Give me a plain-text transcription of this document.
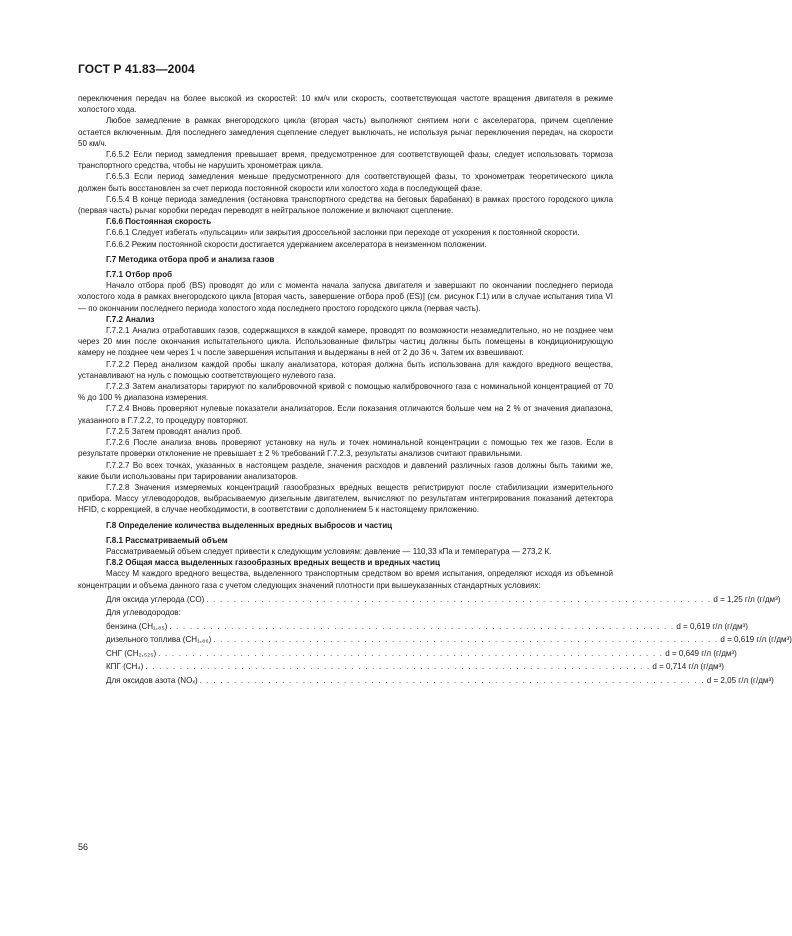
ГОСТ Р 41.83—2004

переключения передач на более высокой из скоростей: 10 км/ч или скорость, соответствующая частоте вращения двигателя в режиме холостого хода.

Любое замедление в рамках внегородского цикла (вторая часть) выполняют снятием ноги с акселератора, причем сцепление остается включенным. Для последнего замедления сцепление следует выключать, не используя рычаг переключения передач, на скорости 50 км/ч.

Г.6.5.2 Если период замедления превышает время, предусмотренное для соответствующей фазы, следует использовать тормоза транспортного средства, чтобы не нарушить хронометраж цикла.

Г.6.5.3 Если период замедления меньше предусмотренного для соответствующей фазы, то хронометраж теоретического цикла должен быть восстановлен за счет периода постоянной скорости или холостого хода в последующей фазе.

Г.6.5.4 В конце периода замедления (остановка транспортного средства на беговых барабанах) в рамках простого городского цикла (первая часть) рычаг коробки передач переводят в нейтральное положение и включают сцепление.

Г.6.6 Постоянная скорость

Г.6.6.1 Следует избегать «пульсации» или закрытия дроссельной заслонки при переходе от ускорения к постоянной скорости.

Г.6.6.2 Режим постоянной скорости достигается удержанием акселератора в неизменном положении.

Г.7 Методика отбора проб и анализа газов

Г.7.1 Отбор проб

Начало отбора проб (BS) проводят до или с момента начала запуска двигателя и завершают по окончании последнего периода холостого хода в рамках внегородского цикла [вторая часть, завершение отбора проб (ES)] (см. рисунок Г.1) или в случае испытания типа VI — по окончании последнего периода холостого хода последнего простого городского цикла (первая часть).

Г.7.2 Анализ

Г.7.2.1 Анализ отработавших газов, содержащихся в каждой камере, проводят по возможности незамедлительно, но не позднее чем через 20 мин после окончания испытательного цикла. Использованные фильтры частиц должны быть помещены в кондиционирующую камеру не позднее чем через 1 ч после завершения испытания и выдержаны в ней от 2 до 36 ч. Затем их взвешивают.

Г.7.2.2 Перед анализом каждой пробы шкалу анализатора, которая должна быть использована для каждого вредного вещества, устанавливают на нуль с помощью соответствующего нулевого газа.

Г.7.2.3 Затем анализаторы тарируют по калибровочной кривой с помощью калибровочного газа с номинальной концентрацией от 70 % до 100 % диапазона измерения.

Г.7.2.4 Вновь проверяют нулевые показатели анализаторов. Если показания отличаются больше чем на 2 % от значения диапазона, указанного в Г.7.2.2, то процедуру повторяют.

Г.7.2.5 Затем проводят анализ проб.

Г.7.2.6 После анализа вновь проверяют установку на нуль и точек номинальной концентрации с помощью тех же газов. Если в результате проверки отклонение не превышает ± 2 % требований Г.7.2.3, результаты анализов считают правильными.

Г.7.2.7 Во всех точках, указанных в настоящем разделе, значения расходов и давлений различных газов должны быть такими же, какие были использованы при тарировании анализаторов.

Г.7.2.8 Значения измеряемых концентраций газообразных вредных веществ регистрируют после стабилизации измерительного прибора. Массу углеводородов, выбрасываемую дизельным двигателем, вычисляют по результатам интегрирования показаний детектора HFID, с коррекцией, в случае необходимости, в соответствии с дополнением 5 к настоящему приложению.

Г.8 Определение количества выделенных вредных выбросов и частиц

Г.8.1 Рассматриваемый объем

Рассматриваемый объем следует привести к следующим условиям: давление — 110,33 кПа и температура — 273,2 К.

Г.8.2 Общая масса выделенных газообразных вредных веществ и вредных частиц

Массу M каждого вредного вещества, выделенного транспортным средством во время испытания, определяют исходя из объемной концентрации и объема данного газа с учетом следующих значений плотности при вышеуказанных стандартных условиях:

Для оксида углерода (CO) . . . . . . . . . . . . . . . . . . . . . . . . . . . . . . . . . . . . . . . . . . . . . . . . . . . . . . . . . . . . . . . . . . . . . . . . . . d = 1,25 г/л (г/дм³)
Для углеводородов:
бензина (CH₁,₈₅) . . . . . . . . . . . . . . . . . . . . . . . . . . . . . . . . . . . . . . . . . . . . . . . . . . . . . . . . . . . . . . . . . . . . . . . . . . d = 0,619 г/л (г/дм³)
дизельного топлива (CH₁,₈₆) . . . . . . . . . . . . . . . . . . . . . . . . . . . . . . . . . . . . . . . . . . . . . . . . . . . . . . . . . . . . . . . . . . . . . . . . . . d = 0,619 г/л (г/дм³)
СНГ (CH₂,₅₂₅) . . . . . . . . . . . . . . . . . . . . . . . . . . . . . . . . . . . . . . . . . . . . . . . . . . . . . . . . . . . . . . . . . . . . . . . . . . d = 0,649 г/л (г/дм³)
КПГ (CH₄) . . . . . . . . . . . . . . . . . . . . . . . . . . . . . . . . . . . . . . . . . . . . . . . . . . . . . . . . . . . . . . . . . . . . . . . . . . d = 0,714 г/л (г/дм³)
Для оксидов азота (NOₓ) . . . . . . . . . . . . . . . . . . . . . . . . . . . . . . . . . . . . . . . . . . . . . . . . . . . . . . . . . . . . . . . . . . . . . . . . . . d = 2,05 г/л (г/дм³)
56
